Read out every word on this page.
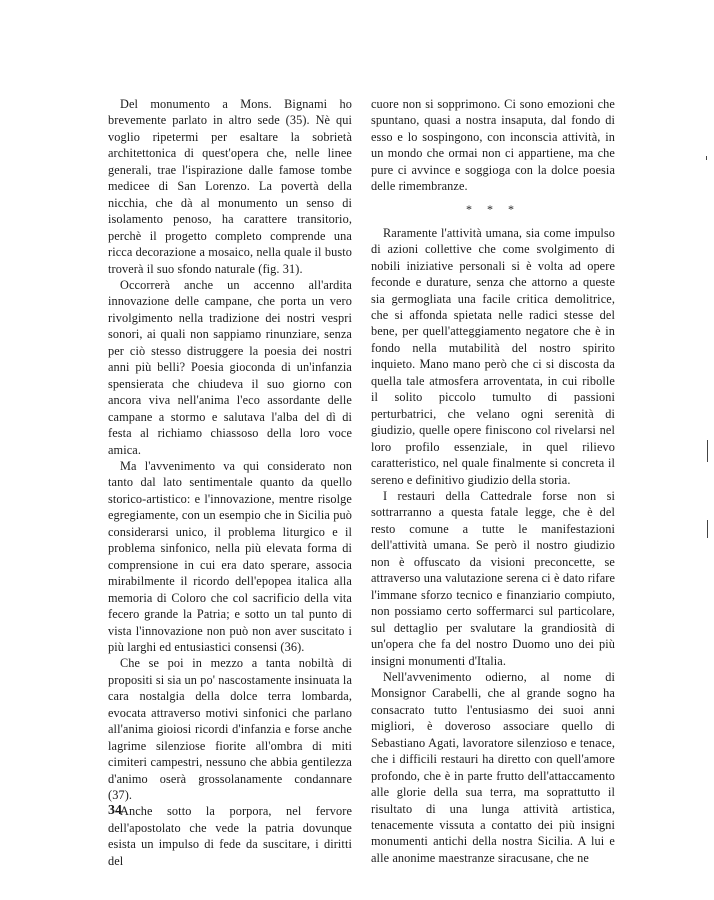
Del monumento a Mons. Bignami ho brevemente parlato in altro sede (35). Nè qui voglio ripetermi per esaltare la sobrietà architettonica di quest'opera che, nelle linee generali, trae l'ispirazione dalle famose tombe medicee di San Lorenzo. La povertà della nicchia, che dà al monumento un senso di isolamento penoso, ha carattere transitorio, perchè il progetto completo comprende una ricca decorazione a mosaico, nella quale il busto troverà il suo sfondo naturale (fig. 31).

Occorrerà anche un accenno all'ardita innovazione delle campane, che porta un vero rivolgimento nella tradizione dei nostri vespri sonori, ai quali non sappiamo rinunziare, senza per ciò stesso distruggere la poesia dei nostri anni più belli? Poesia gioconda di un'infanzia spensierata che chiudeva il suo giorno con ancora viva nell'anima l'eco assordante delle campane a stormo e salutava l'alba del dì di festa al richiamo chiassoso della loro voce amica.

Ma l'avvenimento va qui considerato non tanto dal lato sentimentale quanto da quello storico-artistico: e l'innovazione, mentre risolge egregiamente, con un esempio che in Sicilia può considerarsi unico, il problema liturgico e il problema sinfonico, nella più elevata forma di comprensione in cui era dato sperare, associa mirabilmente il ricordo dell'epopea italica alla memoria di Coloro che col sacrificio della vita fecero grande la Patria; e sotto un tal punto di vista l'innovazione non può non aver suscitato i più larghi ed entusiastici consensi (36).

Che se poi in mezzo a tanta nobiltà di propositi si sia un po' nascostamente insinuata la cara nostalgia della dolce terra lombarda, evocata attraverso motivi sinfonici che parlano all'anima gioiosi ricordi d'infanzia e forse anche lagrime silenziose fiorite all'ombra di miti cimiteri campestri, nessuno che abbia gentilezza d'animo oserà grossolanamente condannare (37).

Anche sotto la porpora, nel fervore dell'apostolato che vede la patria dovunque esista un impulso di fede da suscitare, i diritti del

cuore non si sopprimono. Ci sono emozioni che spuntano, quasi a nostra insaputa, dal fondo di esso e lo sospingono, con inconscia attività, in un mondo che ormai non ci appartiene, ma che pure ci avvince e soggioga con la dolce poesia delle rimembranze.

* * *

Raramente l'attività umana, sia come impulso di azioni collettive che come svolgimento di nobili iniziative personali si è volta ad opere feconde e durature, senza che attorno a queste sia germogliata una facile critica demolitrice, che si affonda spietata nelle radici stesse del bene, per quell'atteggiamento negatore che è in fondo nella mutabilità del nostro spirito inquieto. Mano mano però che ci si discosta da quella tale atmosfera arroventata, in cui ribolle il solito piccolo tumulto di passioni perturbatrici, che velano ogni serenità di giudizio, quelle opere finiscono col rivelarsi nel loro profilo essenziale, in quel rilievo caratteristico, nel quale finalmente si concreta il sereno e definitivo giudizio della storia.

I restauri della Cattedrale forse non si sottrarranno a questa fatale legge, che è del resto comune a tutte le manifestazioni dell'attività umana. Se però il nostro giudizio non è offuscato da visioni preconcette, se attraverso una valutazione serena ci è dato rifare l'immane sforzo tecnico e finanziario compiuto, non possiamo certo soffermarci sul particolare, sul dettaglio per svalutare la grandiosità di un'opera che fa del nostro Duomo uno dei più insigni monumenti d'Italia.

Nell'avvenimento odierno, al nome di Monsignor Carabelli, che al grande sogno ha consacrato tutto l'entusiasmo dei suoi anni migliori, è doveroso associare quello di Sebastiano Agati, lavoratore silenzioso e tenace, che i difficili restauri ha diretto con quell'amore profondo, che è in parte frutto dell'attaccamento alle glorie della sua terra, ma soprattutto il risultato di una lunga attività artistica, tenacemente vissuta a contatto dei più insigni monumenti antichi della nostra Sicilia. A lui e alle anonime maestranze siracusane, che ne

34
